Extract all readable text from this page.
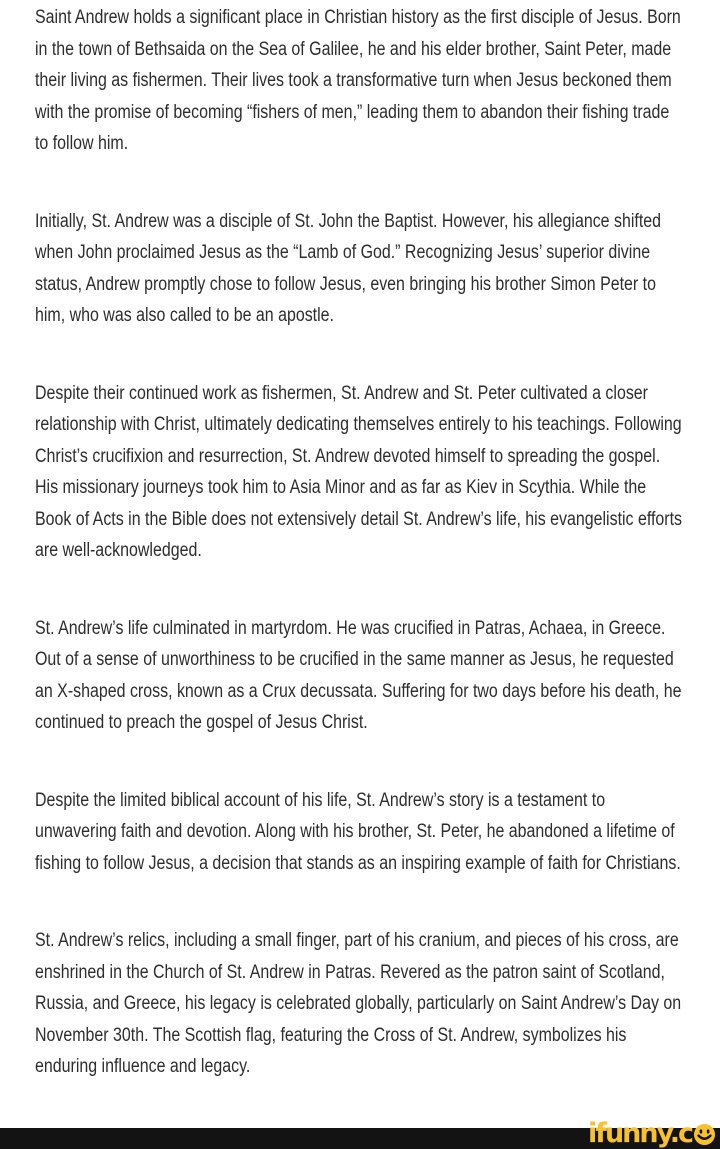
Saint Andrew holds a significant place in Christian history as the first disciple of Jesus. Born in the town of Bethsaida on the Sea of Galilee, he and his elder brother, Saint Peter, made their living as fishermen. Their lives took a transformative turn when Jesus beckoned them with the promise of becoming “fishers of men,” leading them to abandon their fishing trade to follow him.

Initially, St. Andrew was a disciple of St. John the Baptist. However, his allegiance shifted when John proclaimed Jesus as the “Lamb of God.” Recognizing Jesus’ superior divine status, Andrew promptly chose to follow Jesus, even bringing his brother Simon Peter to him, who was also called to be an apostle.

Despite their continued work as fishermen, St. Andrew and St. Peter cultivated a closer relationship with Christ, ultimately dedicating themselves entirely to his teachings. Following Christ’s crucifixion and resurrection, St. Andrew devoted himself to spreading the gospel. His missionary journeys took him to Asia Minor and as far as Kiev in Scythia. While the Book of Acts in the Bible does not extensively detail St. Andrew’s life, his evangelistic efforts are well-acknowledged.

St. Andrew’s life culminated in martyrdom. He was crucified in Patras, Achaea, in Greece. Out of a sense of unworthiness to be crucified in the same manner as Jesus, he requested an X-shaped cross, known as a Crux decussata. Suffering for two days before his death, he continued to preach the gospel of Jesus Christ.

Despite the limited biblical account of his life, St. Andrew’s story is a testament to unwavering faith and devotion. Along with his brother, St. Peter, he abandoned a lifetime of fishing to follow Jesus, a decision that stands as an inspiring example of faith for Christians.

St. Andrew’s relics, including a small finger, part of his cranium, and pieces of his cross, are enshrined in the Church of St. Andrew in Patras. Revered as the patron saint of Scotland, Russia, and Greece, his legacy is celebrated globally, particularly on Saint Andrew’s Day on November 30th. The Scottish flag, featuring the Cross of St. Andrew, symbolizes his enduring influence and legacy.

ifunny.c
